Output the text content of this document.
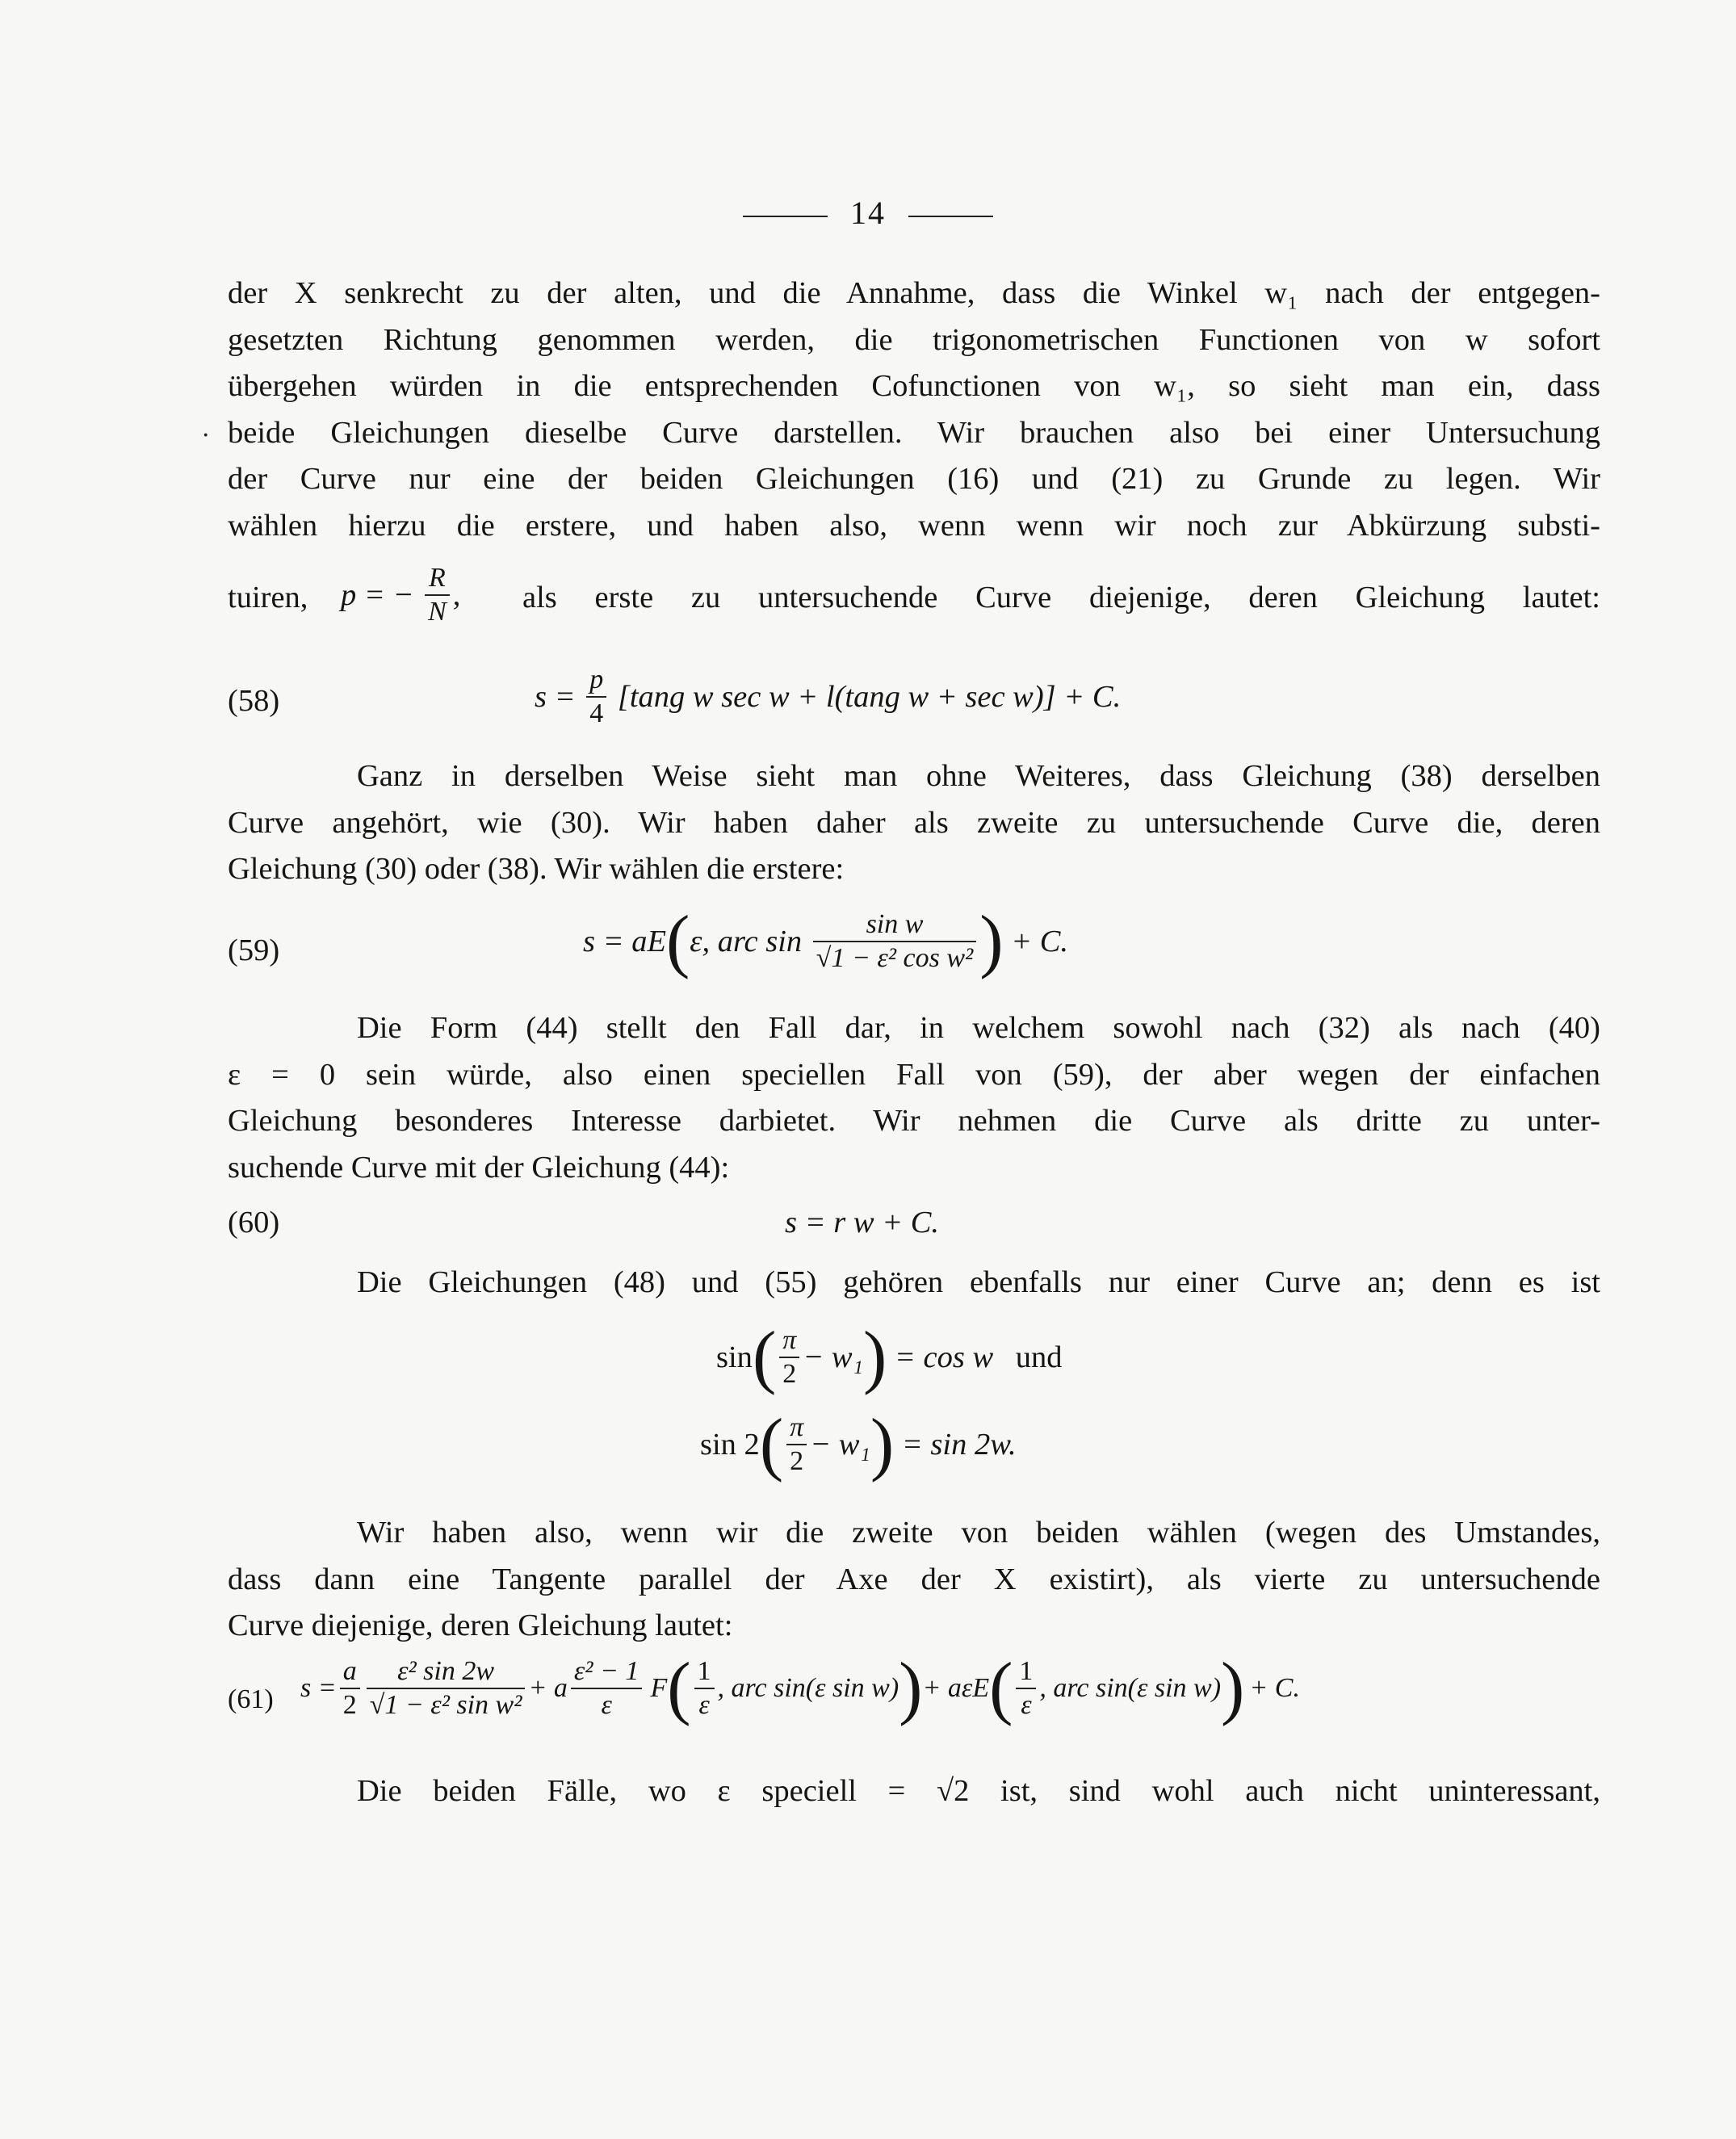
14
·
der X senkrecht zu der alten, und die Annahme, dass die Winkel w₁ nach der entgegen-
gesetzten Richtung genommen werden, die trigonometrischen Functionen von w sofort
übergehen würden in die entsprechenden Cofunctionen von w₁, so sieht man ein, dass
beide Gleichungen dieselbe Curve darstellen. Wir brauchen also bei einer Untersuchung
der Curve nur eine der beiden Gleichungen (16) und (21) zu Grunde zu legen. Wir
wählen hierzu die erstere, und haben also, wenn wenn wir noch zur Abkürzung substi-
tuiren, p = − $\frac{R}{N}$ , als erste zu untersuchende Curve diejenige, deren Gleichung lautet:
(58)	$s = \frac{p}{4} [\tan g$ w sec w + l(tang w + sec w)] + C.
Ganz in derselben Weise sieht man ohne Weiteres, dass Gleichung (38) derselben
Curve angehört, wie (30). Wir haben daher als zweite zu untersuchende Curve die, deren
Gleichung (30) oder (38). Wir wählen die erstere:
(59)	s = aE(ε, arc $\sin \frac{\text{sin w}}{\text{√1 − ε² cos w²}}$ ) + C.
Die Form (44) stellt den Fall dar, in welchem sowohl nach (32) als nach (40)
ε = 0 sein würde, also einen speciellen Fall von (59), der aber wegen der einfachen
Gleichung besonderes Interesse darbietet. Wir nehmen die Curve als dritte zu unter-
suchende Curve mit der Gleichung (44):
(60)	s = r w + C.
Die Gleichungen (48) und (55) gehören ebenfalls nur einer Curve an; denn es ist
$\sin( \frac{\pi}{2} - w_1) = \cos w$ und
$\sin 2( \frac{\pi}{2} - w_1) = \sin 2w$.
Wir haben also, wenn wir die zweite von beiden wählen (wegen des Umstandes,
dass dann eine Tangente parallel der Axe der X existirt), als vierte zu untersuchende
Curve diejenige, deren Gleichung lautet:
(61) $s = \frac{a}{2} \frac{\text{ε² sin 2w}}{\text{√1 − ε² sin w²}} + a \frac{\text{ε² − 1}}{\varepsilon} F( \frac{1}{\varepsilon}$ , arc sin(ε $\sin w))+ a\varepsilon E( \frac{1}{\varepsilon}$ , arc sin(ε sin w)) + C.
Die beiden Fälle, wo ε speciell = √2 ist, sind wohl auch nicht uninteressant,
